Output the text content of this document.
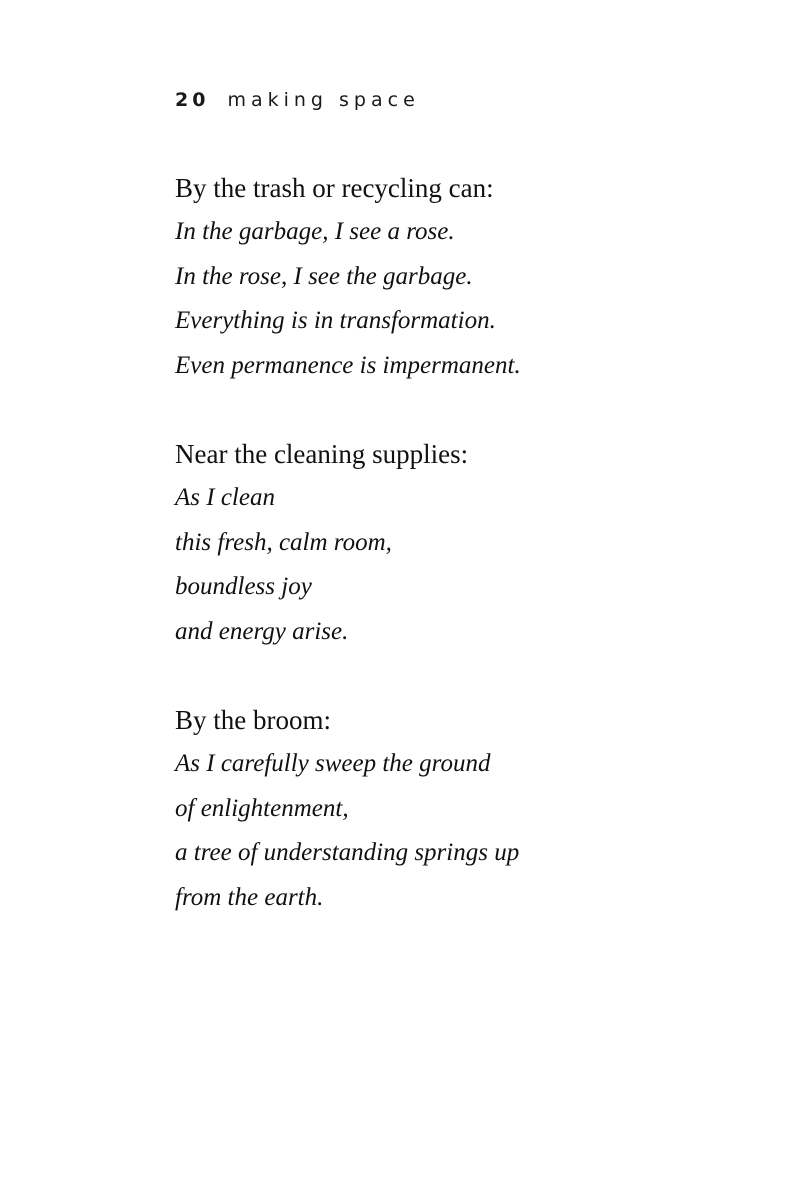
20 making space

By the trash or recycling can:

In the garbage, I see a rose.

In the rose, I see the garbage.

Everything is in transformation.

Even permanence is impermanent.

Near the cleaning supplies:

As I clean

this fresh, calm room,

boundless joy

and energy arise.

By the broom:

As I carefully sweep the ground

of enlightenment,

a tree of understanding springs up

from the earth.
